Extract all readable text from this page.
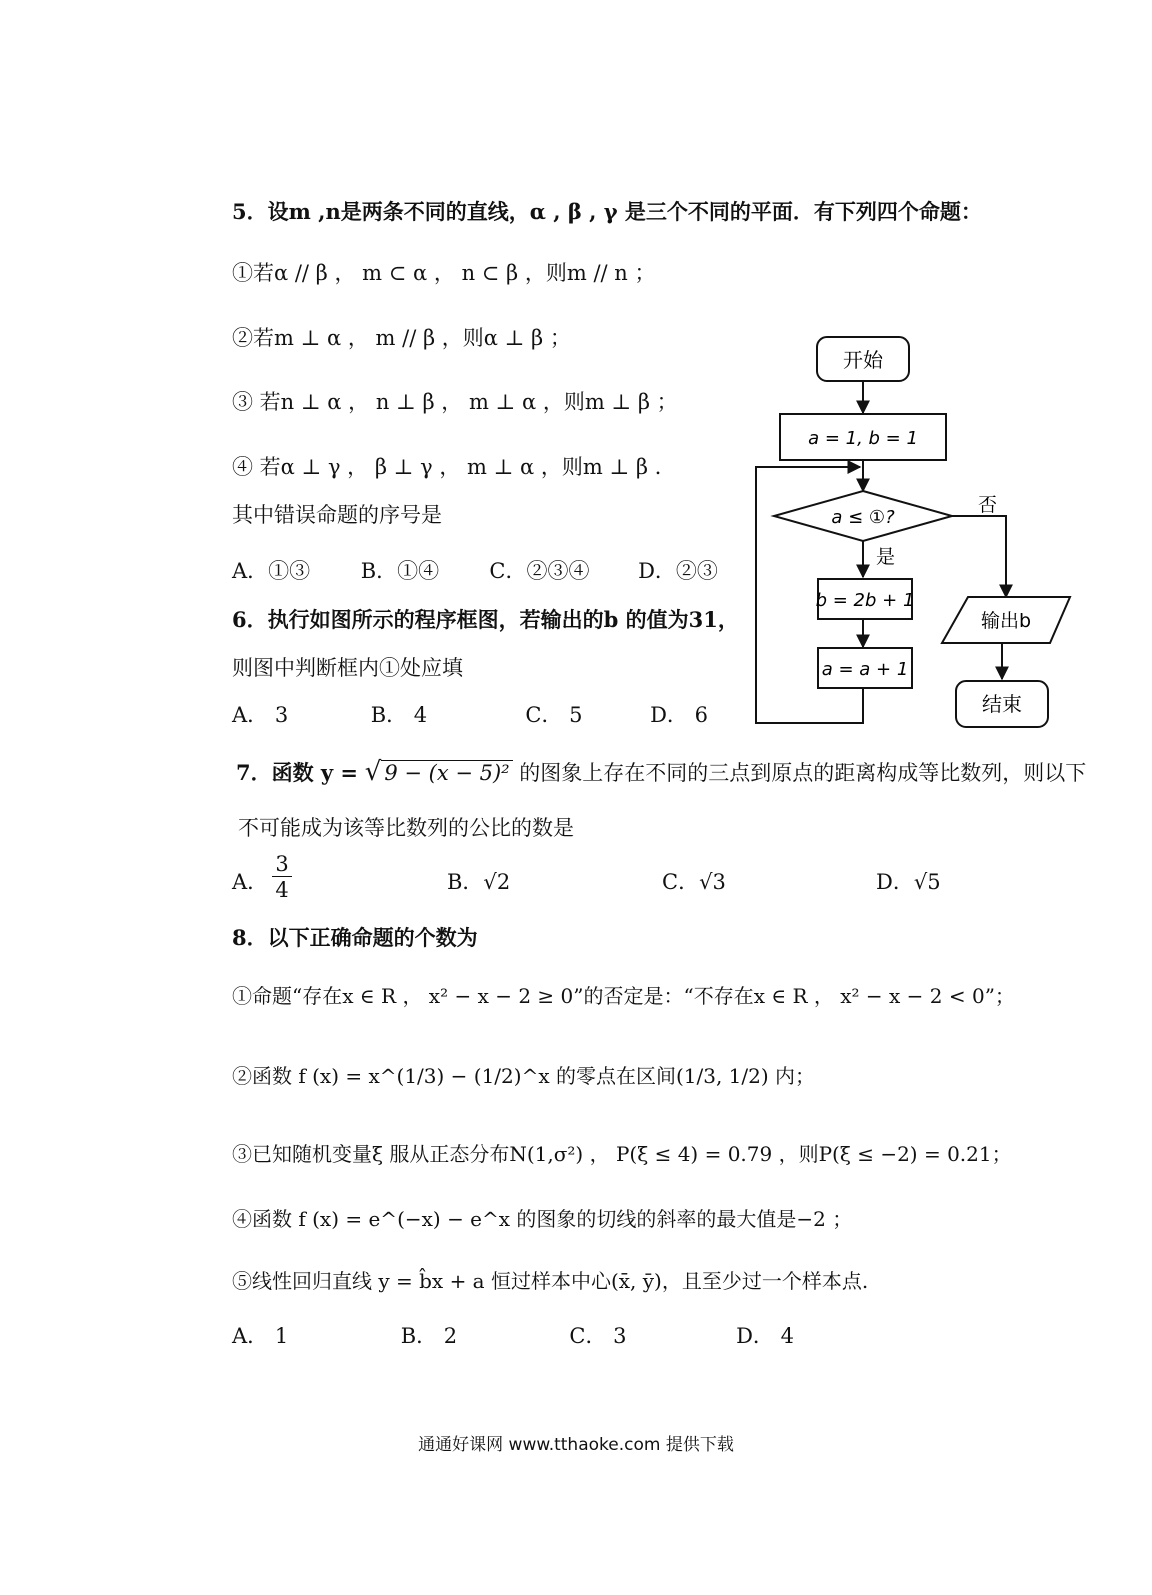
5．设m ,n是两条不同的直线，α , β , γ 是三个不同的平面．有下列四个命题：
①若α // β ， m ⊂ α ， n ⊂ β ，则m // n ；
②若m ⊥ α ， m // β ，则α ⊥ β ；
③ 若n ⊥ α ， n ⊥ β ， m ⊥ α ，则m ⊥ β ；
④ 若α ⊥ γ ， β ⊥ γ ， m ⊥ α ，则m ⊥ β ．
其中错误命题的序号是
A．①③ B．①④ C．②③④ D．②③
6．执行如图所示的程序框图，若输出的b 的值为31，
则图中判断框内①处应填
A． 3	B． 4	C． 5	D． 6
开始
a = 1, b = 1
a ≤ ①?
否
是
b = 2b + 1
a = a + 1
输出b
结束
7．函数 y = √ 9 − (x − 5)² 的图象上存在不同的三点到原点的距离构成等比数列，则以下
不可能成为该等比数列的公比的数是
A． $\frac{3}{4}$	B．√2	C．√3	D．√5
8．以下正确命题的个数为
①命题“存在x ∈ R ， x² − x − 2 ≥ 0”的否定是：“不存在x ∈ R ， x² − x − 2 < 0”；
②函数 f (x) = x^(1/3) − (1/2)^x 的零点在区间(1/3, 1/2) 内；
③已知随机变量ξ 服从正态分布N(1,σ²) ， P(ξ ≤ 4) = 0.79 ，则P(ξ ≤ −2) = 0.21；
④函数 f (x) = e^(−x) − e^x 的图象的切线的斜率的最大值是−2 ；
⑤线性回归直线 y = b̂x + a 恒过样本中心(x̄, ȳ)，且至少过一个样本点.
A． 1	B． 2	C． 3	D． 4
通通好课网 www.tthaoke.com 提供下载
